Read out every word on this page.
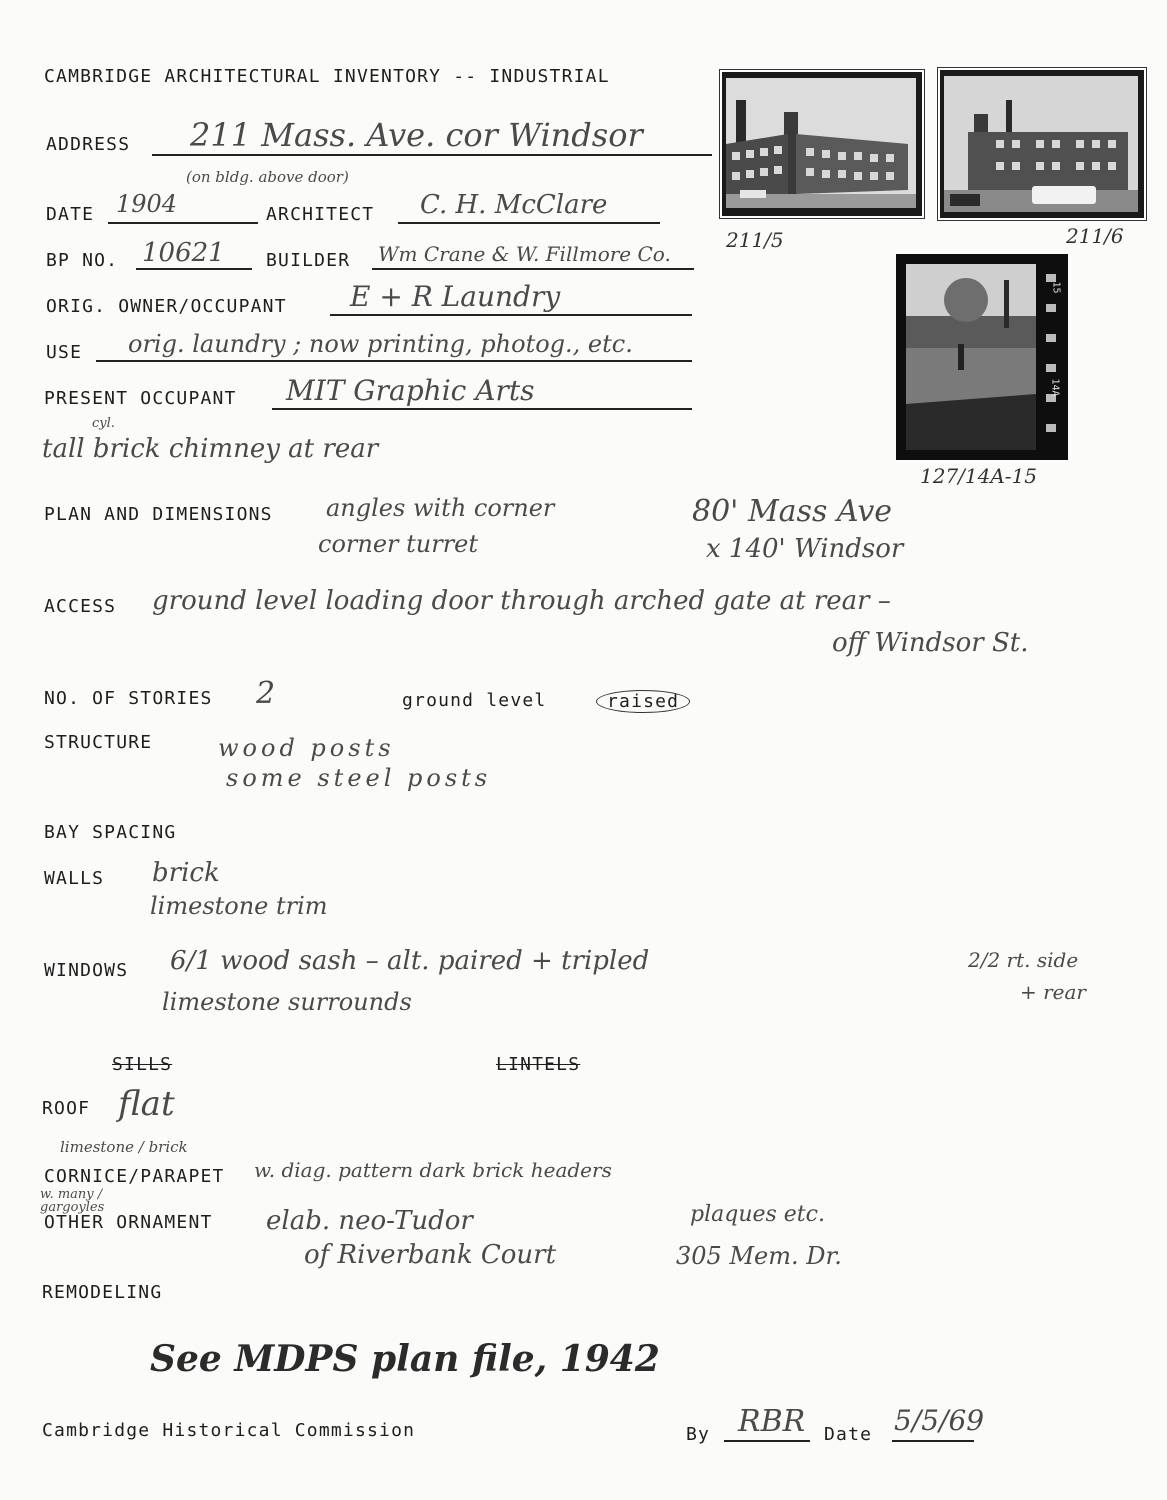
CAMBRIDGE ARCHITECTURAL INVENTORY -- INDUSTRIAL
ADDRESS 211 Mass. Ave. cor Windsor
DATE 1904
(on bldg. above door)
ARCHITECT C. H. McClare
BP NO. 10621 BUILDER Wm Crane & W. Fillmore Co.
ORIG. OWNER/OCCUPANT E + R Laundry
USE orig. laundry ; now printing, photog., etc.
PRESENT OCCUPANT MIT Graphic Arts
tall brick chimney at rear
cyl.
PLAN AND DIMENSIONS angles with corner
corner turret
80' Mass Ave
x 140' Windsor
ACCESS ground level loading door through arched gate at rear –
off Windsor St.
NO. OF STORIES 2	ground level	raised
STRUCTURE	wood posts
some steel posts
BAY SPACING
WALLS brick
limestone trim
WINDOWS 6/1 wood sash – alt. paired + tripled
limestone surrounds
2/2 rt. side
+ rear
SILLS	LINTELS
ROOF flat
limestone / brick
CORNICE/PARAPET w. diag. pattern dark brick headers
w. many / gargoyles
OTHER ORNAMENT elab. neo-Tudor
of Riverbank Court
plaques etc.
305 Mem. Dr.
REMODELING
See MDPS plan file, 1942
Cambridge Historical Commission	By RBR Date 5/5/69
211/5	211/6
15
14A
127/14A-15
